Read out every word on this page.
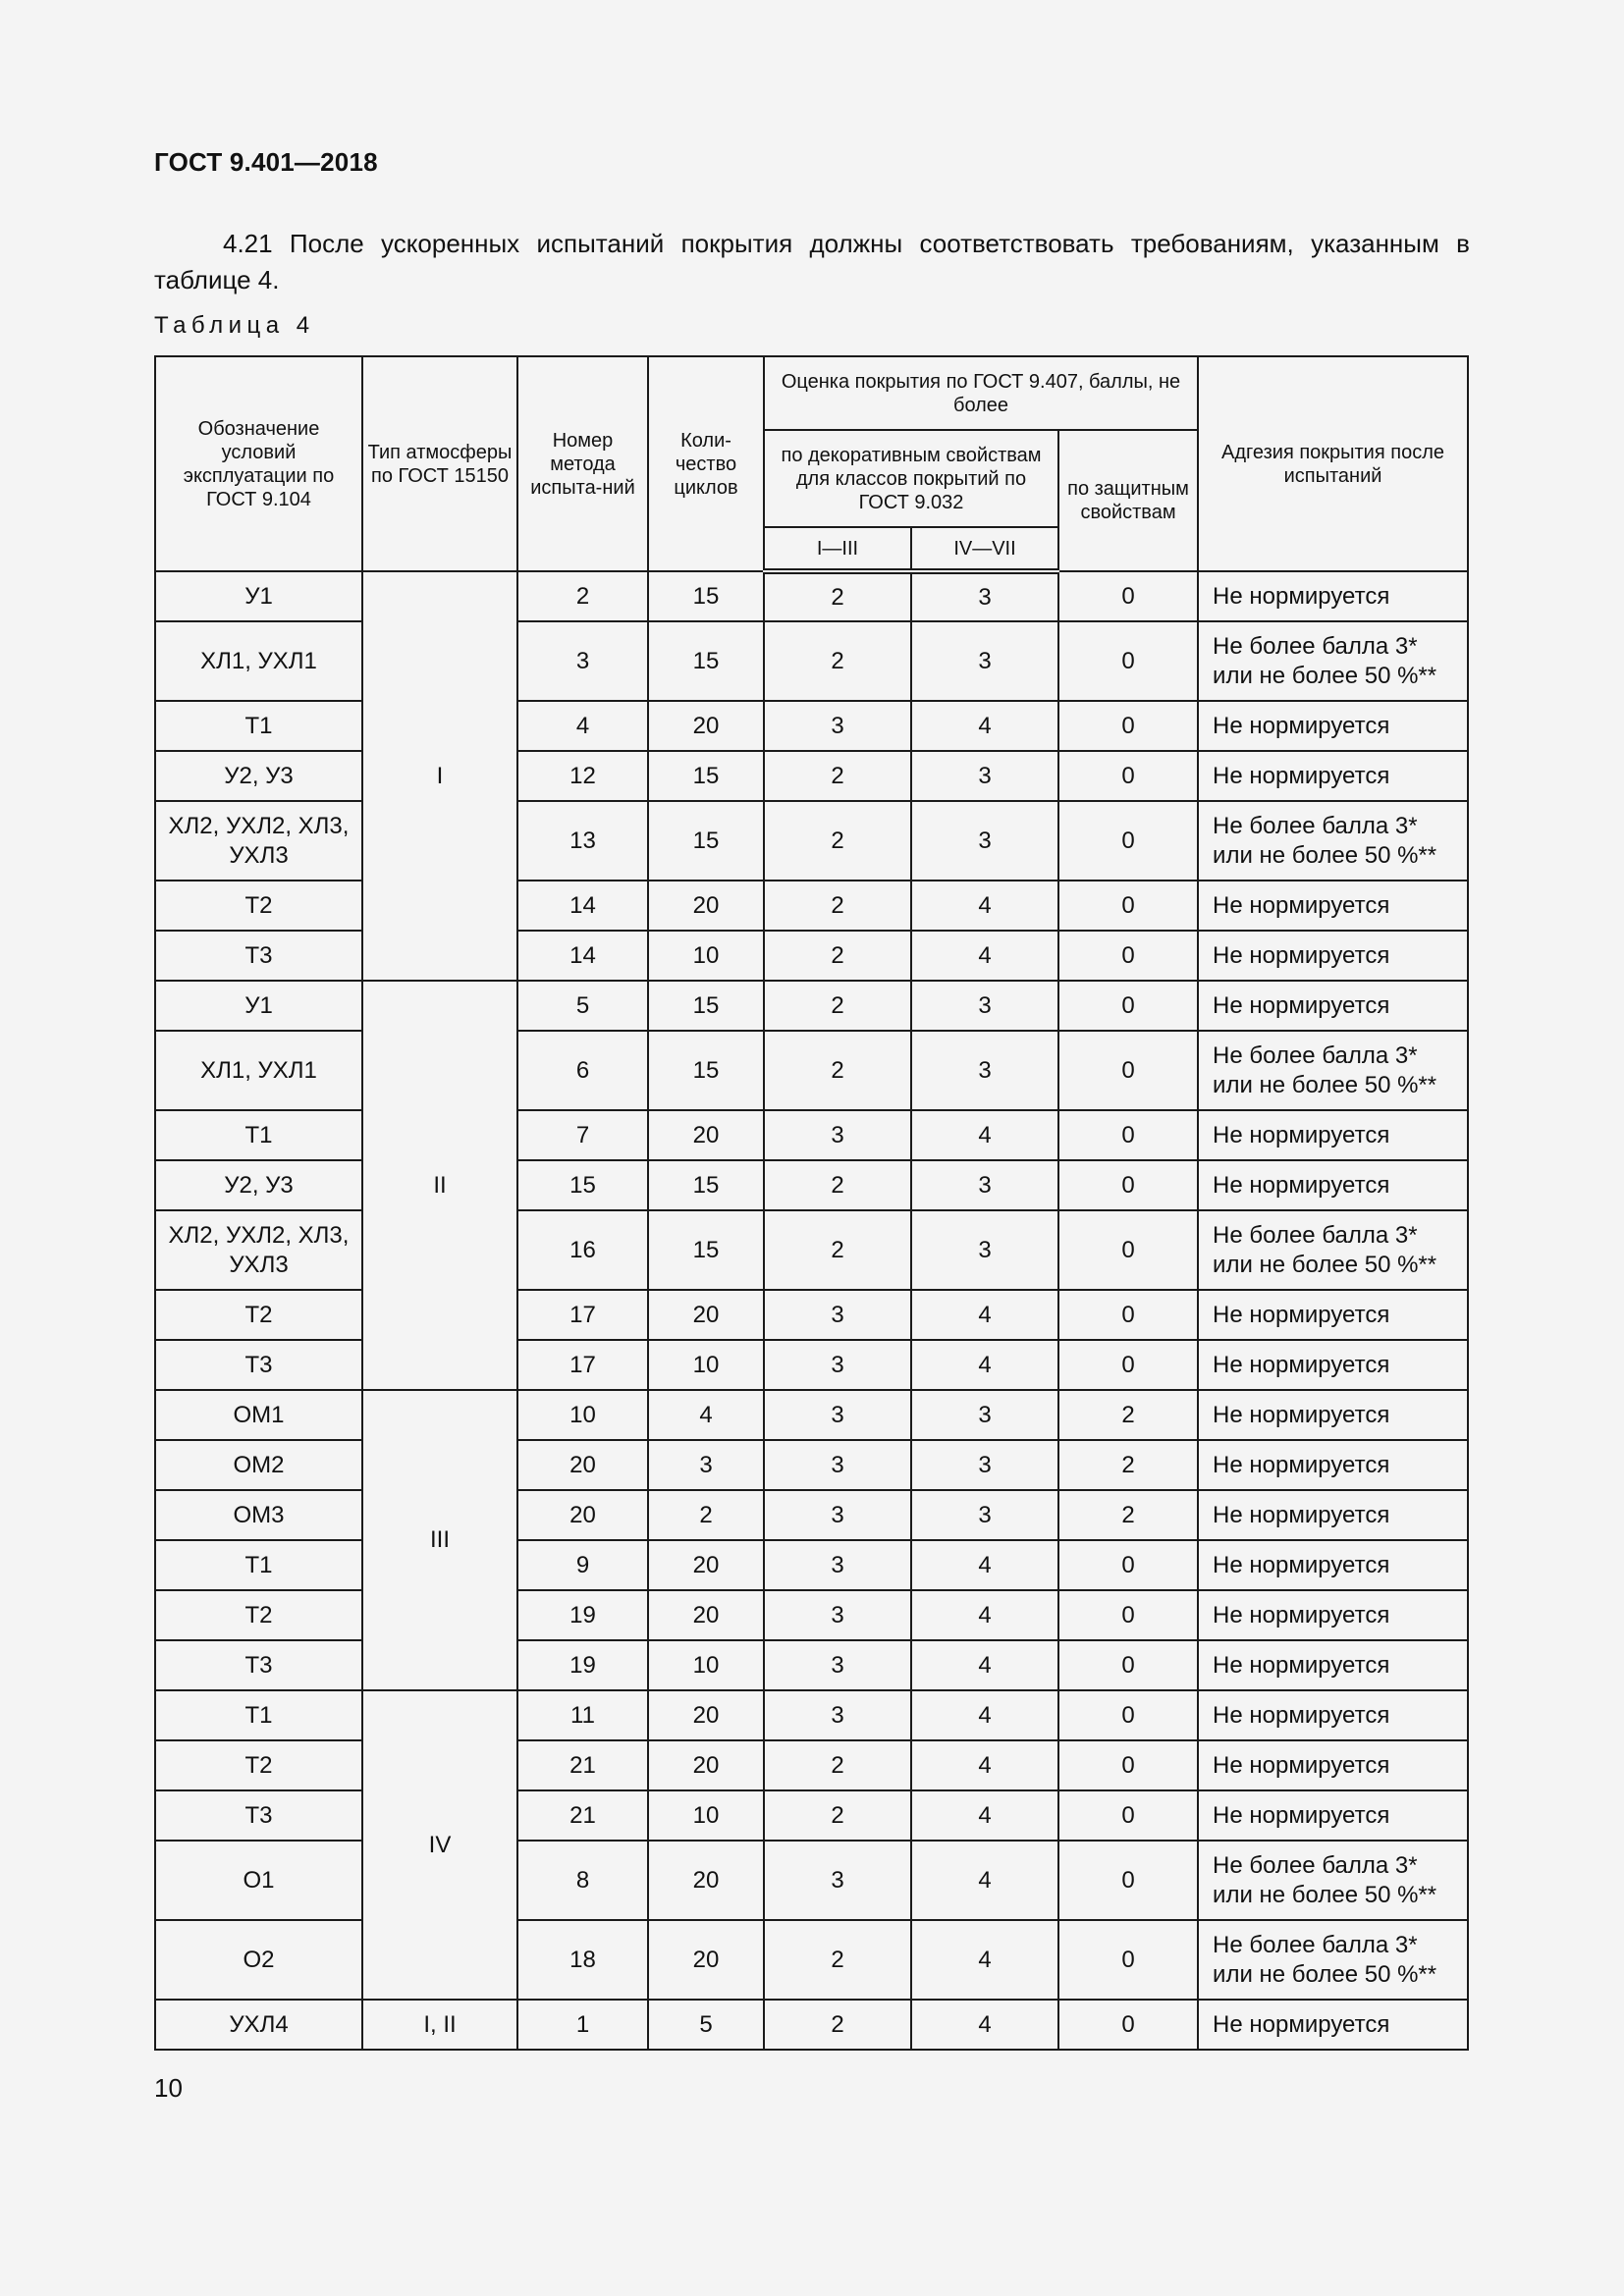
ГОСТ 9.401—2018

4.21 После ускоренных испытаний покрытия должны соответствовать требованиям, указанным в таблице 4.

Таблица 4
Обозначение условий эксплуатации по ГОСТ 9.104	Тип атмосферы по ГОСТ 15150	Номер метода испыта-ний	Коли-чество циклов	Оценка покрытия по ГОСТ 9.407, баллы, не более			Адгезия покрытия после испытаний
				по декоративным свойствам для классов покрытий по ГОСТ 9.032		по защитным свойствам	
				I—III	IV—VII		
У1	I	2	15	2	3	0	Не нормируется
ХЛ1, УХЛ1		3	15	2	3	0	Не более балла 3* или не более 50 %**
Т1		4	20	3	4	0	Не нормируется
У2, У3		12	15	2	3	0	Не нормируется
ХЛ2, УХЛ2, ХЛ3, УХЛ3		13	15	2	3	0	Не более балла 3* или не более 50 %**
Т2		14	20	2	4	0	Не нормируется
Т3		14	10	2	4	0	Не нормируется
У1	II	5	15	2	3	0	Не нормируется
ХЛ1, УХЛ1		6	15	2	3	0	Не более балла 3* или не более 50 %**
Т1		7	20	3	4	0	Не нормируется
У2, У3		15	15	2	3	0	Не нормируется
ХЛ2, УХЛ2, ХЛ3, УХЛ3		16	15	2	3	0	Не более балла 3* или не более 50 %**
Т2		17	20	3	4	0	Не нормируется
Т3		17	10	3	4	0	Не нормируется
ОМ1	III	10	4	3	3	2	Не нормируется
ОМ2		20	3	3	3	2	Не нормируется
ОМ3		20	2	3	3	2	Не нормируется
Т1		9	20	3	4	0	Не нормируется
Т2		19	20	3	4	0	Не нормируется
Т3		19	10	3	4	0	Не нормируется
Т1	IV	11	20	3	4	0	Не нормируется
Т2		21	20	2	4	0	Не нормируется
Т3		21	10	2	4	0	Не нормируется
О1		8	20	3	4	0	Не более балла 3* или не более 50 %**
О2		18	20	2	4	0	Не более балла 3* или не более 50 %**
УХЛ4	I, II	1	5	2	4	0	Не нормируется
10
